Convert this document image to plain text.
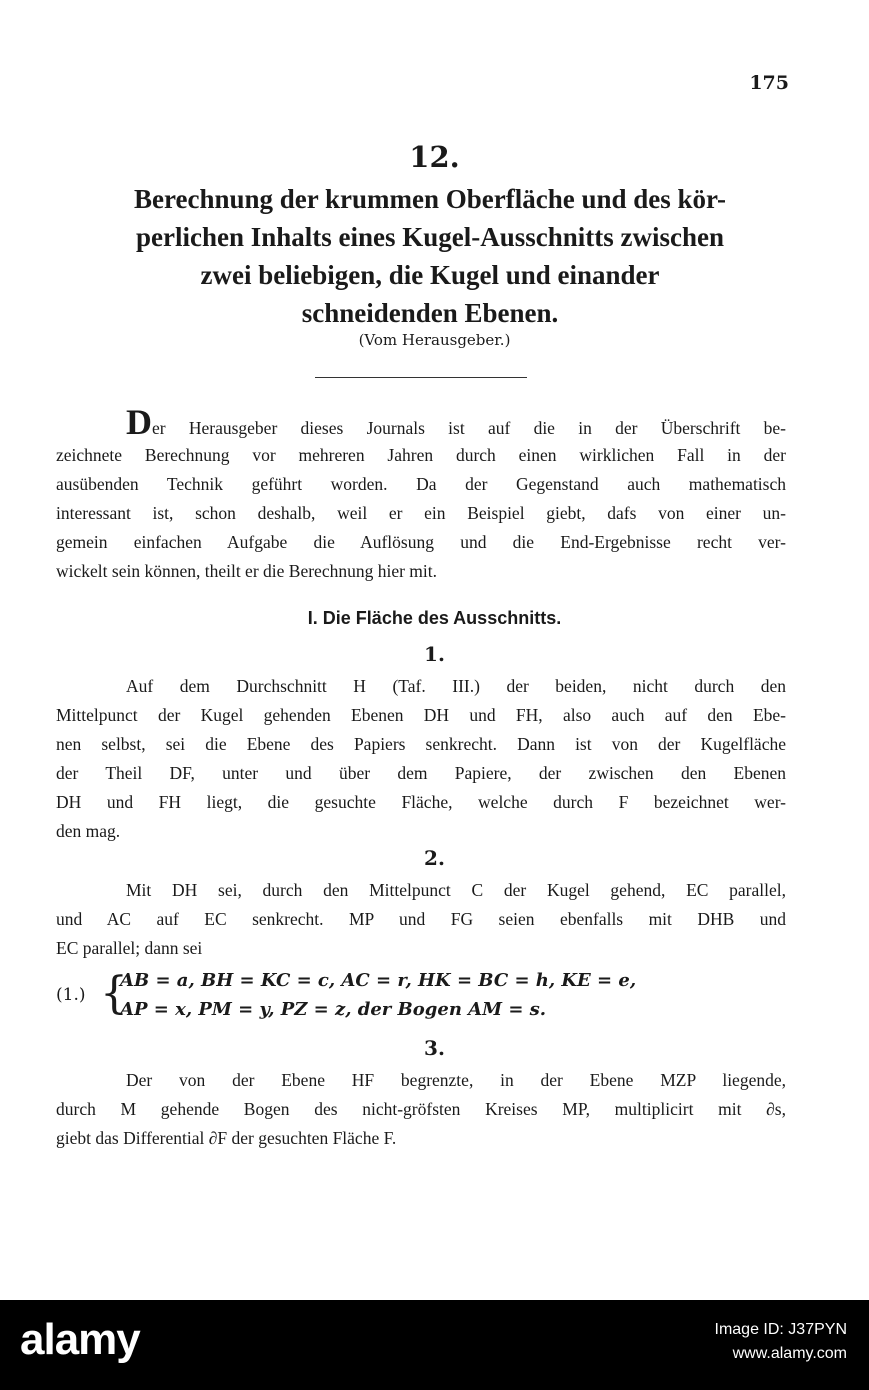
175
12.
Berechnung der krummen Oberfläche und des kör-
perlichen Inhalts eines Kugel-Ausschnitts zwischen
zwei beliebigen, die Kugel und einander
schneidenden Ebenen.
(Vom Herausgeber.)
Der Herausgeber dieses Journals ist auf die in der Überschrift be-
zeichnete Berechnung vor mehreren Jahren durch einen wirklichen Fall in der
ausübenden Technik geführt worden. Da der Gegenstand auch mathematisch
interessant ist, schon deshalb, weil er ein Beispiel giebt, dafs von einer un-
gemein einfachen Aufgabe die Auflösung und die End-Ergebnisse recht ver-
wickelt sein können, theilt er die Berechnung hier mit.
I. Die Fläche des Ausschnitts.
1.
Auf dem Durchschnitt H (Taf. III.) der beiden, nicht durch den
Mittelpunct der Kugel gehenden Ebenen DH und FH, also auch auf den Ebe-
nen selbst, sei die Ebene des Papiers senkrecht. Dann ist von der Kugelfläche
der Theil DF, unter und über dem Papiere, der zwischen den Ebenen
DH und FH liegt, die gesuchte Fläche, welche durch F bezeichnet wer-
den mag.
2.
Mit DH sei, durch den Mittelpunct C der Kugel gehend, EC parallel,
und AC auf EC senkrecht. MP und FG seien ebenfalls mit DHB und
EC parallel; dann sei
(1.) {
AB = a, BH = KC = c, AC = r, HK = BC = h, KE = e,
AP = x, PM = y, PZ = z, der Bogen AM = s.
3.
Der von der Ebene HF begrenzte, in der Ebene MZP liegende,
durch M gehende Bogen des nicht-gröfsten Kreises MP, multiplicirt mit ∂s,
giebt das Differential ∂F der gesuchten Fläche F.
alamy	Image ID: J37PYN
www.alamy.com
